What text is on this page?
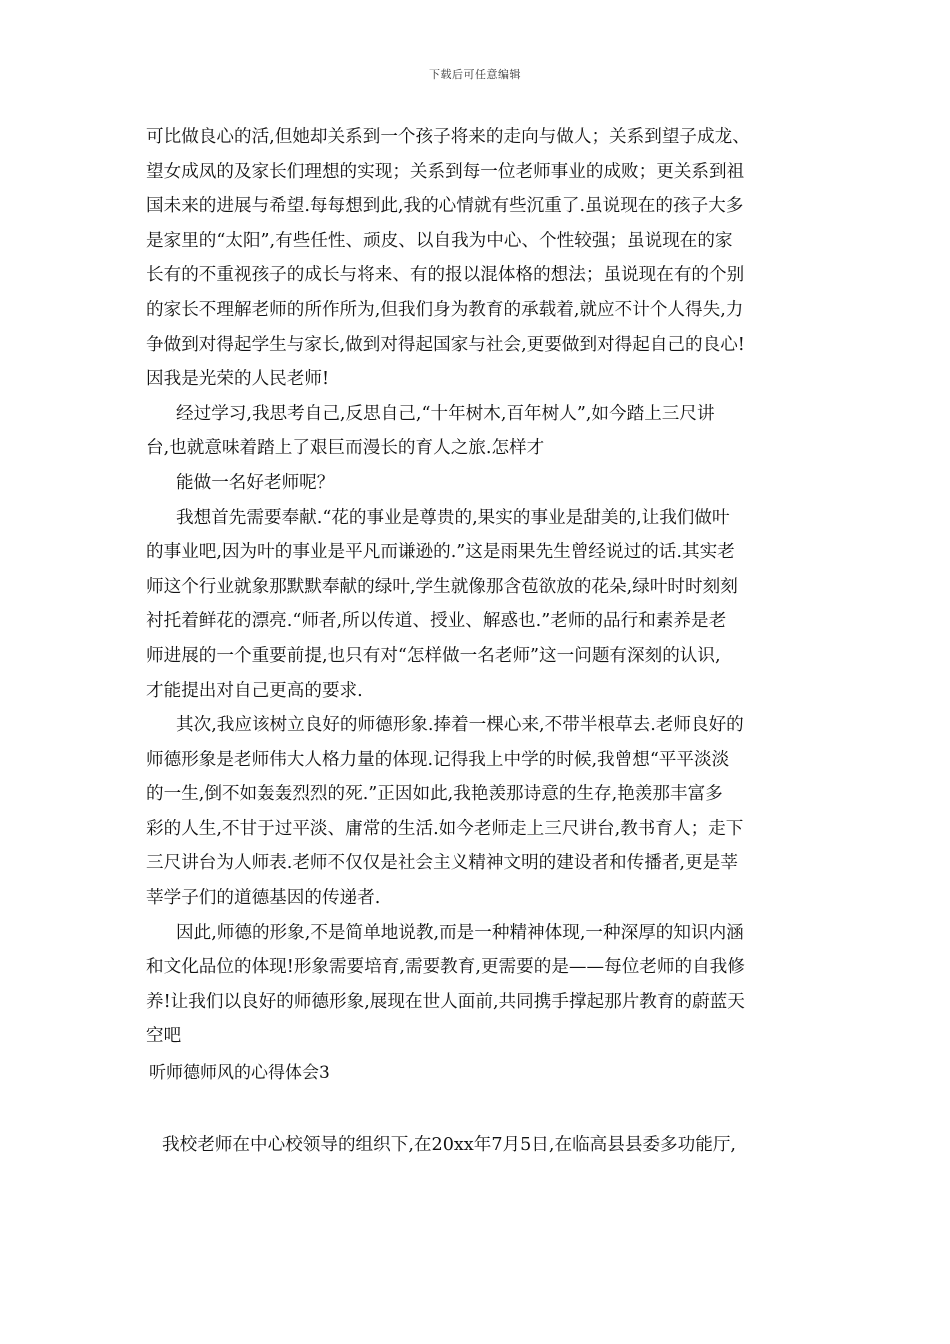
下载后可任意编辑
可比做良心的活,但她却关系到一个孩子将来的走向与做人；关系到望子成龙、
望女成凤的及家长们理想的实现；关系到每一位老师事业的成败；更关系到祖
国未来的进展与希望.每每想到此,我的心情就有些沉重了.虽说现在的孩子大多
是家里的“太阳”,有些任性、顽皮、以自我为中心、个性较强；虽说现在的家
长有的不重视孩子的成长与将来、有的报以混体格的想法；虽说现在有的个别
的家长不理解老师的所作所为,但我们身为教育的承载着,就应不计个人得失,力
争做到对得起学生与家长,做到对得起国家与社会,更要做到对得起自己的良心!
因我是光荣的人民老师!
经过学习,我思考自己,反思自己,“十年树木,百年树人”,如今踏上三尺讲
台,也就意味着踏上了艰巨而漫长的育人之旅.怎样才
能做一名好老师呢？
我想首先需要奉献.“花的事业是尊贵的,果实的事业是甜美的,让我们做叶
的事业吧,因为叶的事业是平凡而谦逊的.”这是雨果先生曾经说过的话.其实老
师这个行业就象那默默奉献的绿叶,学生就像那含苞欲放的花朵,绿叶时时刻刻
衬托着鲜花的漂亮.“师者,所以传道、授业、解惑也.”老师的品行和素养是老
师进展的一个重要前提,也只有对“怎样做一名老师”这一问题有深刻的认识,
才能提出对自己更高的要求.
其次,我应该树立良好的师德形象.捧着一棵心来,不带半根草去.老师良好的
师德形象是老师伟大人格力量的体现.记得我上中学的时候,我曾想“平平淡淡
的一生,倒不如轰轰烈烈的死.”正因如此,我艳羡那诗意的生存,艳羡那丰富多
彩的人生,不甘于过平淡、庸常的生活.如今老师走上三尺讲台,教书育人；走下
三尺讲台为人师表.老师不仅仅是社会主义精神文明的建设者和传播者,更是莘
莘学子们的道德基因的传递者.
因此,师德的形象,不是简单地说教,而是一种精神体现,一种深厚的知识内涵
和文化品位的体现!形象需要培育,需要教育,更需要的是——每位老师的自我修
养!让我们以良好的师德形象,展现在世人面前,共同携手撑起那片教育的蔚蓝天
空吧
听师德师风的心得体会3
我校老师在中心校领导的组织下,在20xx年7月5日,在临高县县委多功能厅,
